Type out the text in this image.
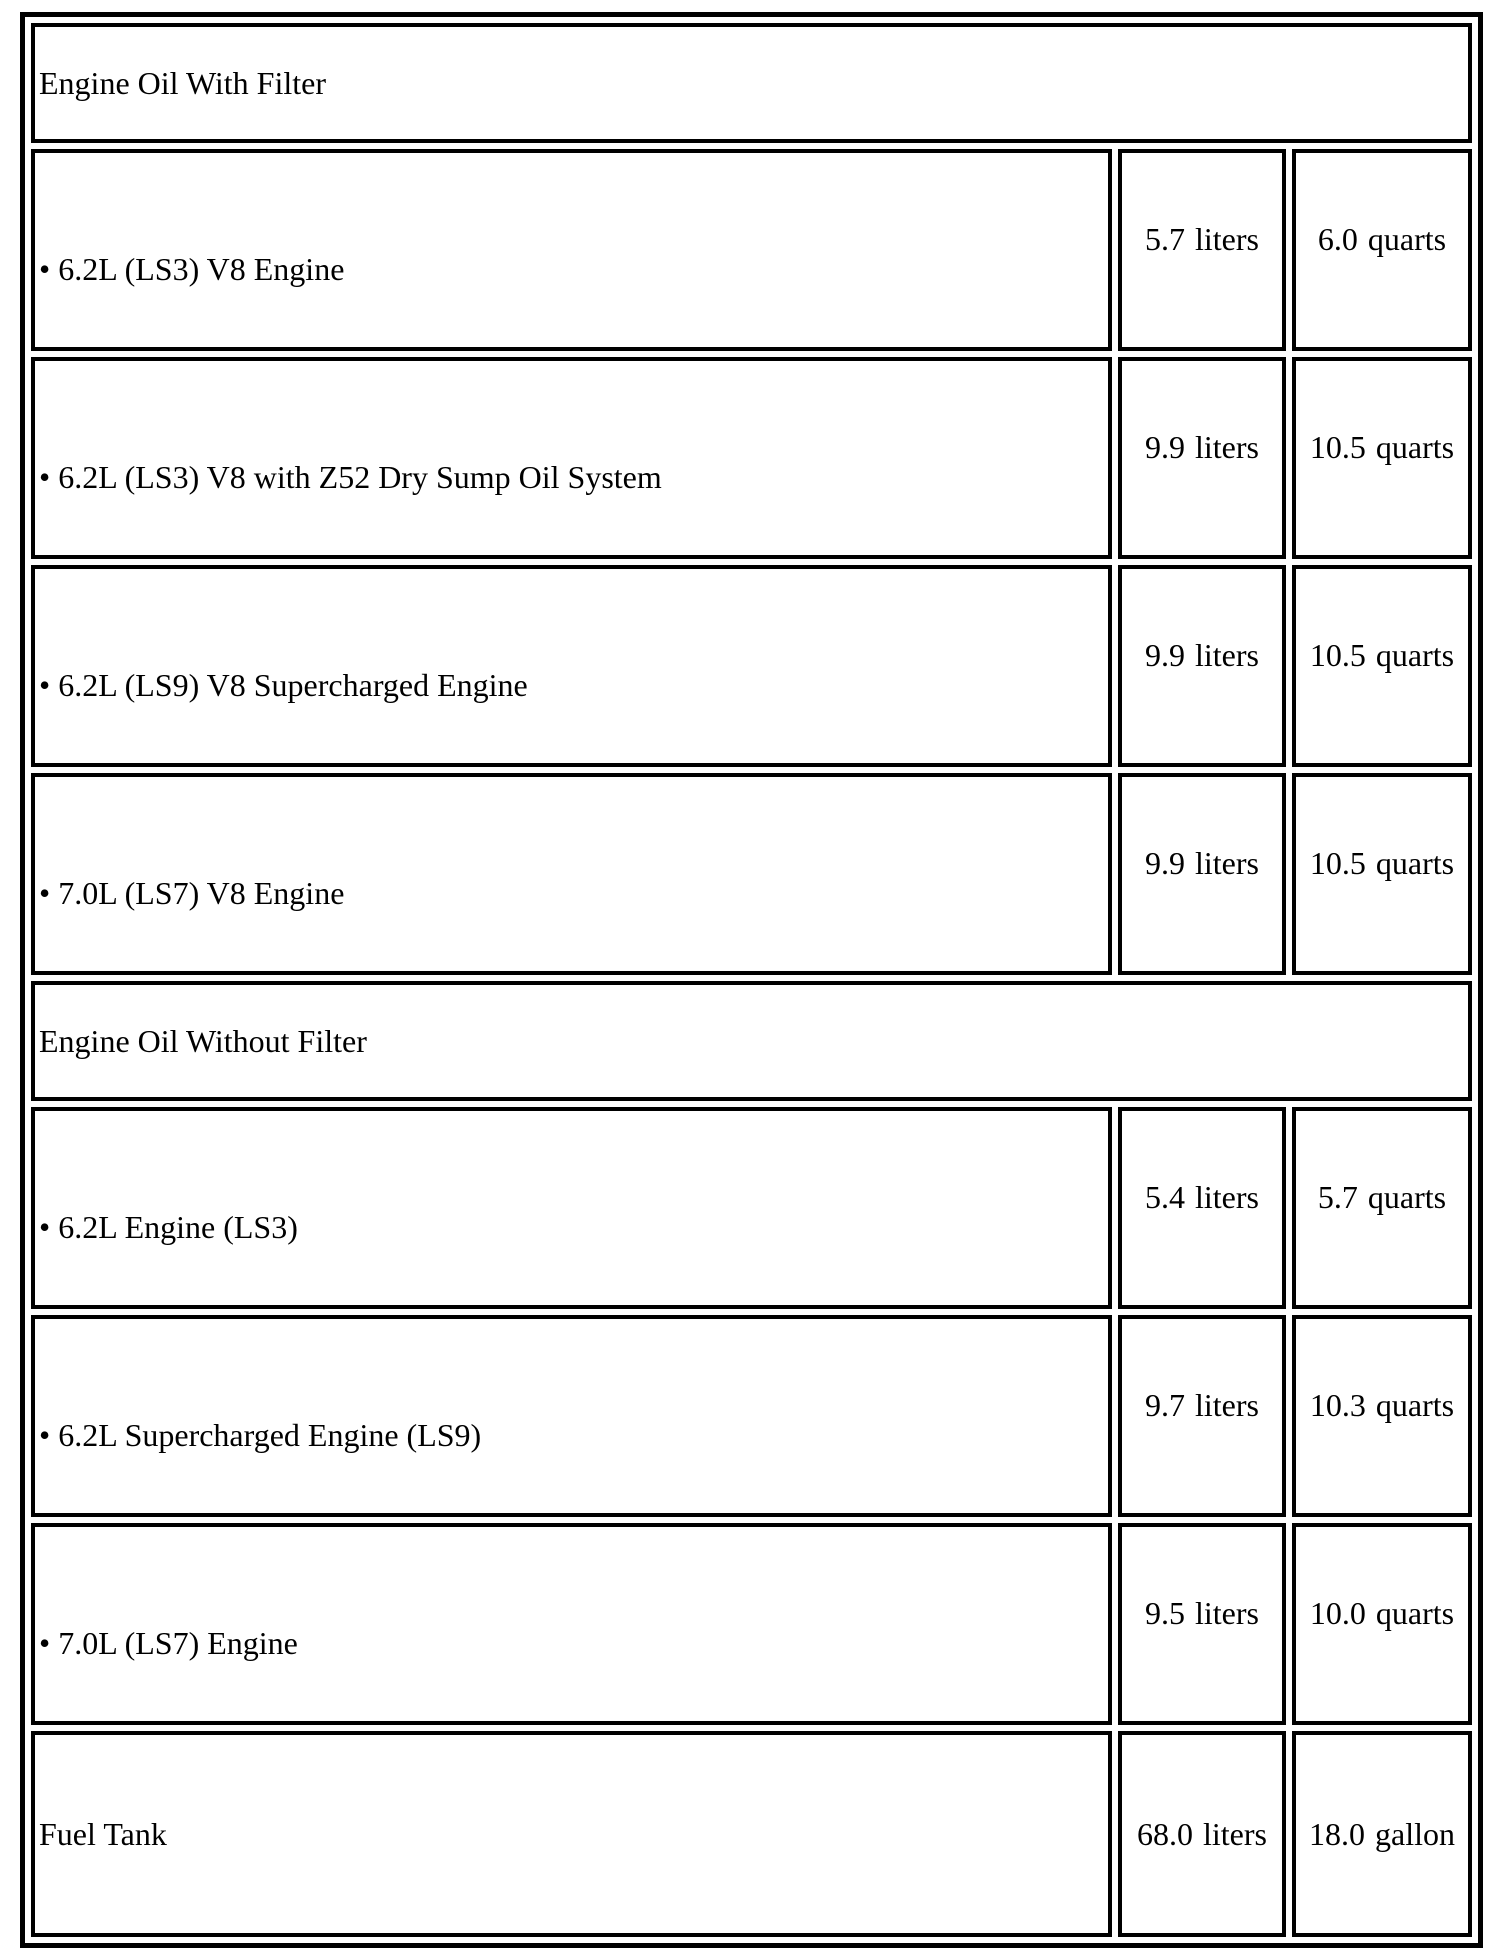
Engine Oil With Filter		
• 6.2L (LS3) V8 Engine	5.7 liters	6.0 quarts
• 6.2L (LS3) V8 with Z52 Dry Sump Oil System	9.9 liters	10.5 quarts
• 6.2L (LS9) V8 Supercharged Engine	9.9 liters	10.5 quarts
• 7.0L (LS7) V8 Engine	9.9 liters	10.5 quarts
Engine Oil Without Filter		
• 6.2L Engine (LS3)	5.4 liters	5.7 quarts
• 6.2L Supercharged Engine (LS9)	9.7 liters	10.3 quarts
• 7.0L (LS7) Engine	9.5 liters	10.0 quarts
Fuel Tank	68.0 liters	18.0 gallon
